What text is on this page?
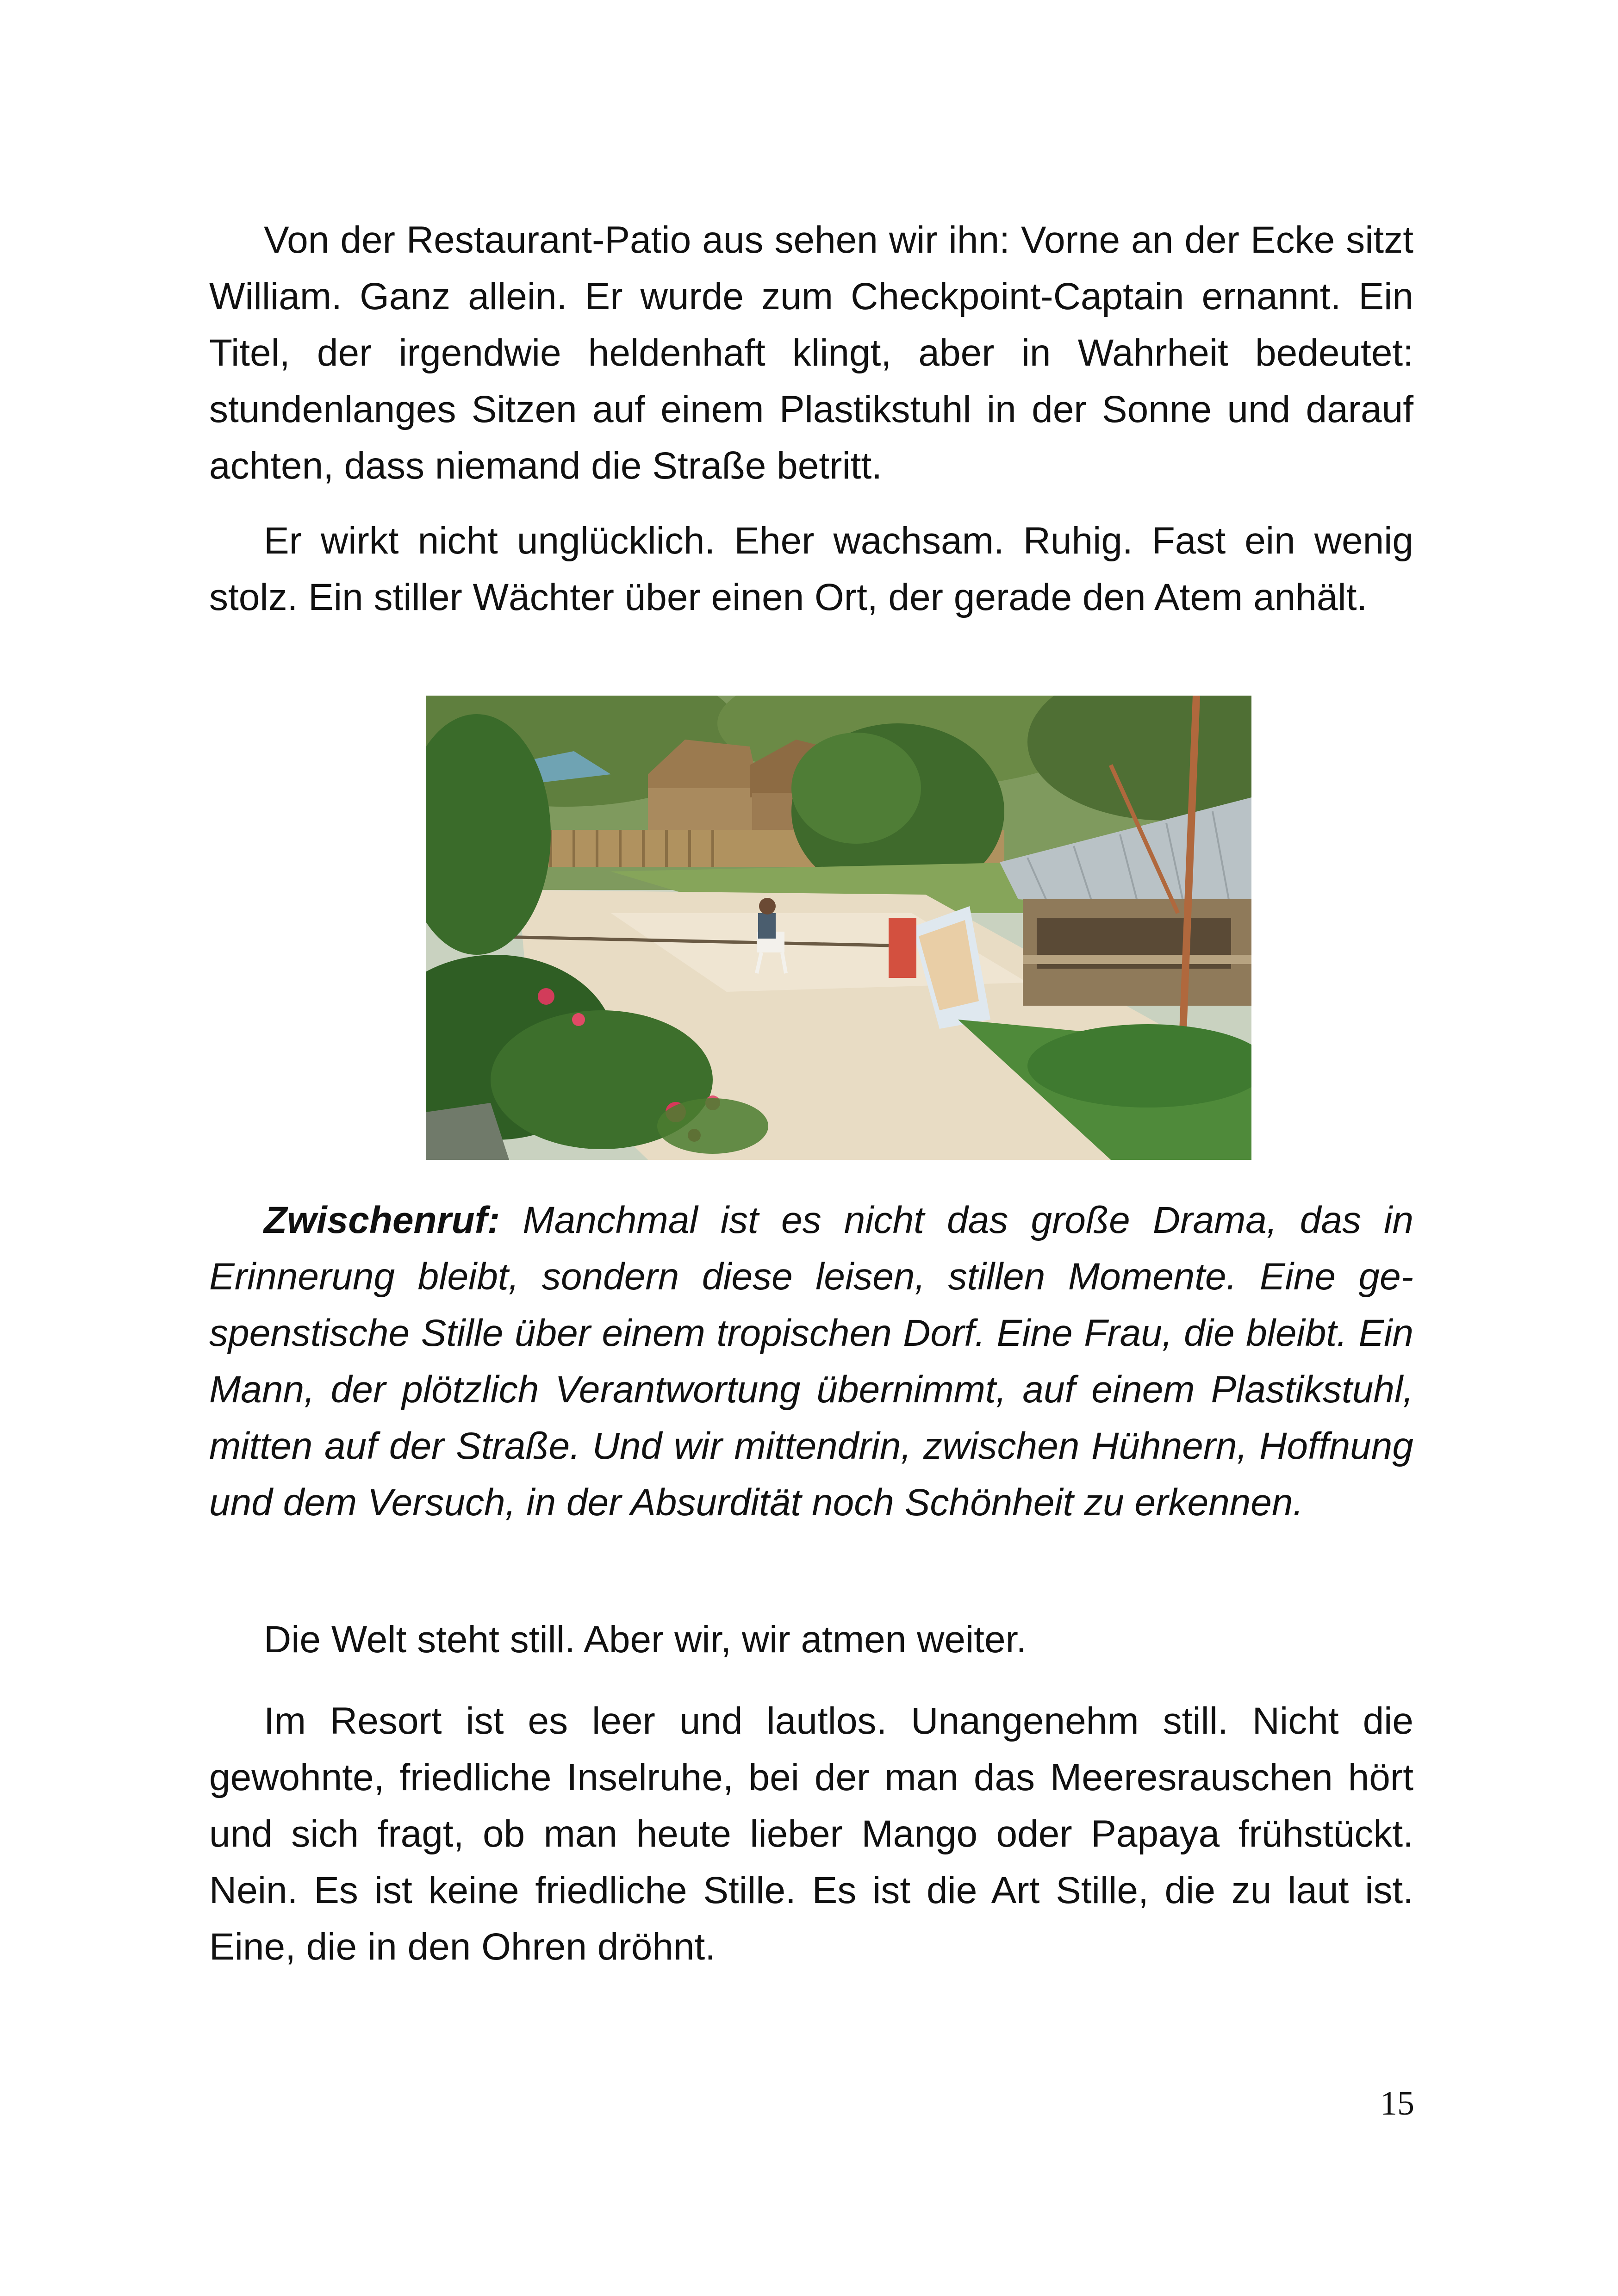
Von der Restaurant-Patio aus sehen wir ihn: Vorne an der Ecke sitzt William. Ganz allein. Er wurde zum Checkpoint-Captain ernannt. Ein Titel, der irgendwie heldenhaft klingt, aber in Wahrheit bedeutet: stundenlanges Sitzen auf einem Plastikstuhl in der Sonne und darauf achten, dass niemand die Straße betritt.

Er wirkt nicht unglücklich. Eher wachsam. Ruhig. Fast ein wenig stolz. Ein stiller Wächter über einen Ort, der gerade den Atem anhält.

Zwischenruf: Manchmal ist es nicht das große Drama, das in Erinnerung bleibt, sondern diese leisen, stillen Momente. Eine gespenstische Stille über einem tropischen Dorf. Eine Frau, die bleibt. Ein Mann, der plötzlich Verantwortung übernimmt, auf einem Plastikstuhl, mitten auf der Straße. Und wir mittendrin, zwischen Hühnern, Hoffnung und dem Versuch, in der Absurdität noch Schönheit zu erkennen.

Die Welt steht still. Aber wir, wir atmen weiter.

Im Resort ist es leer und lautlos. Unangenehm still. Nicht die gewohnte, friedliche Inselruhe, bei der man das Meeresrauschen hört und sich fragt, ob man heute lieber Mango oder Papaya frühstückt. Nein. Es ist keine friedliche Stille. Es ist die Art Stille, die zu laut ist. Eine, die in den Ohren dröhnt.

15
